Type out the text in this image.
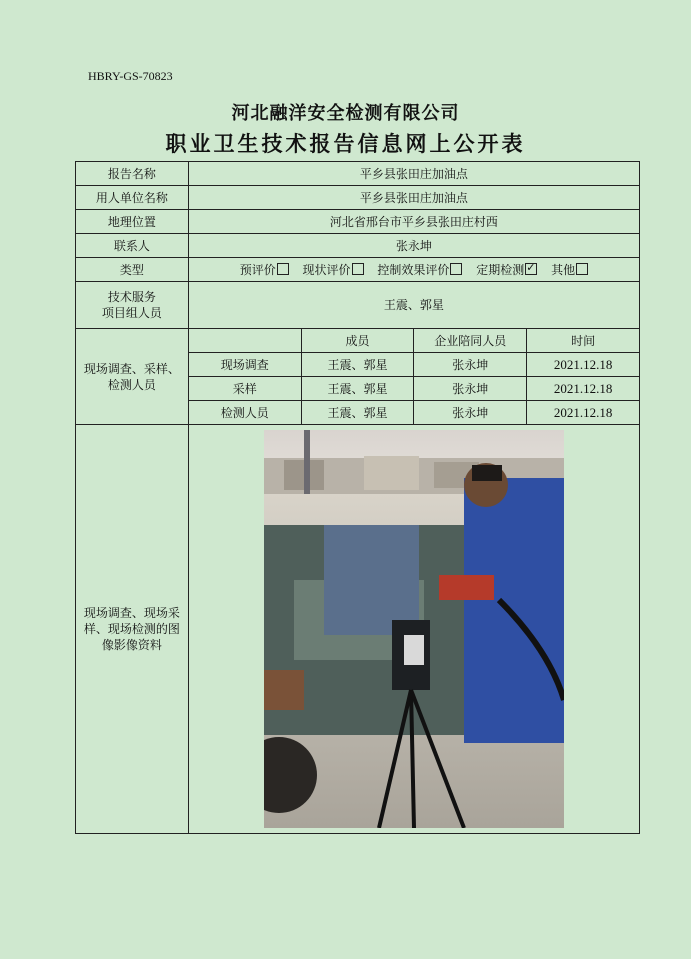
HBRY-GS-70823
河北融洋安全检测有限公司
职业卫生技术报告信息网上公开表
报告名称	平乡县张田庄加油点			
用人单位名称	平乡县张田庄加油点			
地理位置	河北省邢台市平乡县张田庄村西			
联系人	张永坤			
类型	预评价 现状评价 控制效果评价 定期检测 ✓ 其他
技术服务
项目组人员	王震、郭星			
现场调查、采样、
检测人员		成员	企业陪同人员	时间
	现场调查	王震、郭星	张永坤	2021.12.18
	采样	王震、郭星	张永坤	2021.12.18
	检测人员	王震、郭星	张永坤	2021.12.18
现场调查、现场采
样、现场检测的图
像影像资料	
